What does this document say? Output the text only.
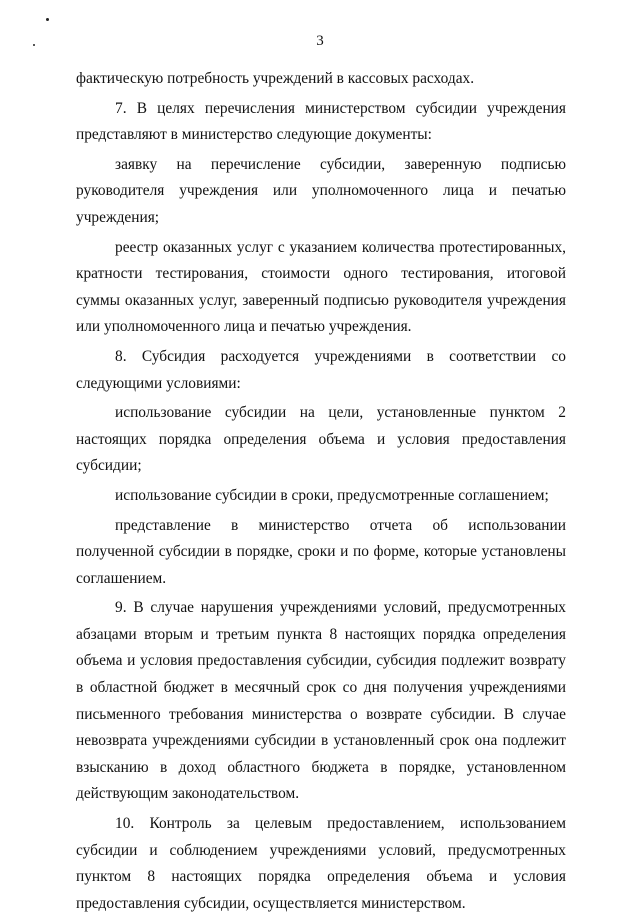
3

фактическую потребность учреждений в кассовых расходах.

7. В целях перечисления министерством субсидии учреждения представляют в министерство следующие документы:

заявку на перечисление субсидии, заверенную подписью руководителя учреждения или уполномоченного лица и печатью учреждения;

реестр оказанных услуг с указанием количества протестированных, кратности тестирования, стоимости одного тестирования, итоговой суммы оказанных услуг, заверенный подписью руководителя учреждения или уполномоченного лица и печатью учреждения.

8. Субсидия расходуется учреждениями в соответствии со следующими условиями:

использование субсидии на цели, установленные пунктом 2 настоящих порядка определения объема и условия предоставления субсидии;

использование субсидии в сроки, предусмотренные соглашением;

представление в министерство отчета об использовании полученной субсидии в порядке, сроки и по форме, которые установлены соглашением.

9. В случае нарушения учреждениями условий, предусмотренных абзацами вторым и третьим пункта 8 настоящих порядка определения объема и условия предоставления субсидии, субсидия подлежит возврату в областной бюджет в месячный срок со дня получения учреждениями письменного требования министерства о возврате субсидии. В случае невозврата учреждениями субсидии в установленный срок она подлежит взысканию в доход областного бюджета в порядке, установленном действующим законодательством.

10. Контроль за целевым предоставлением, использованием субсидии и соблюдением учреждениями условий, предусмотренных пунктом 8 настоящих порядка определения объема и условия предоставления субсидии, осуществляется министерством.
